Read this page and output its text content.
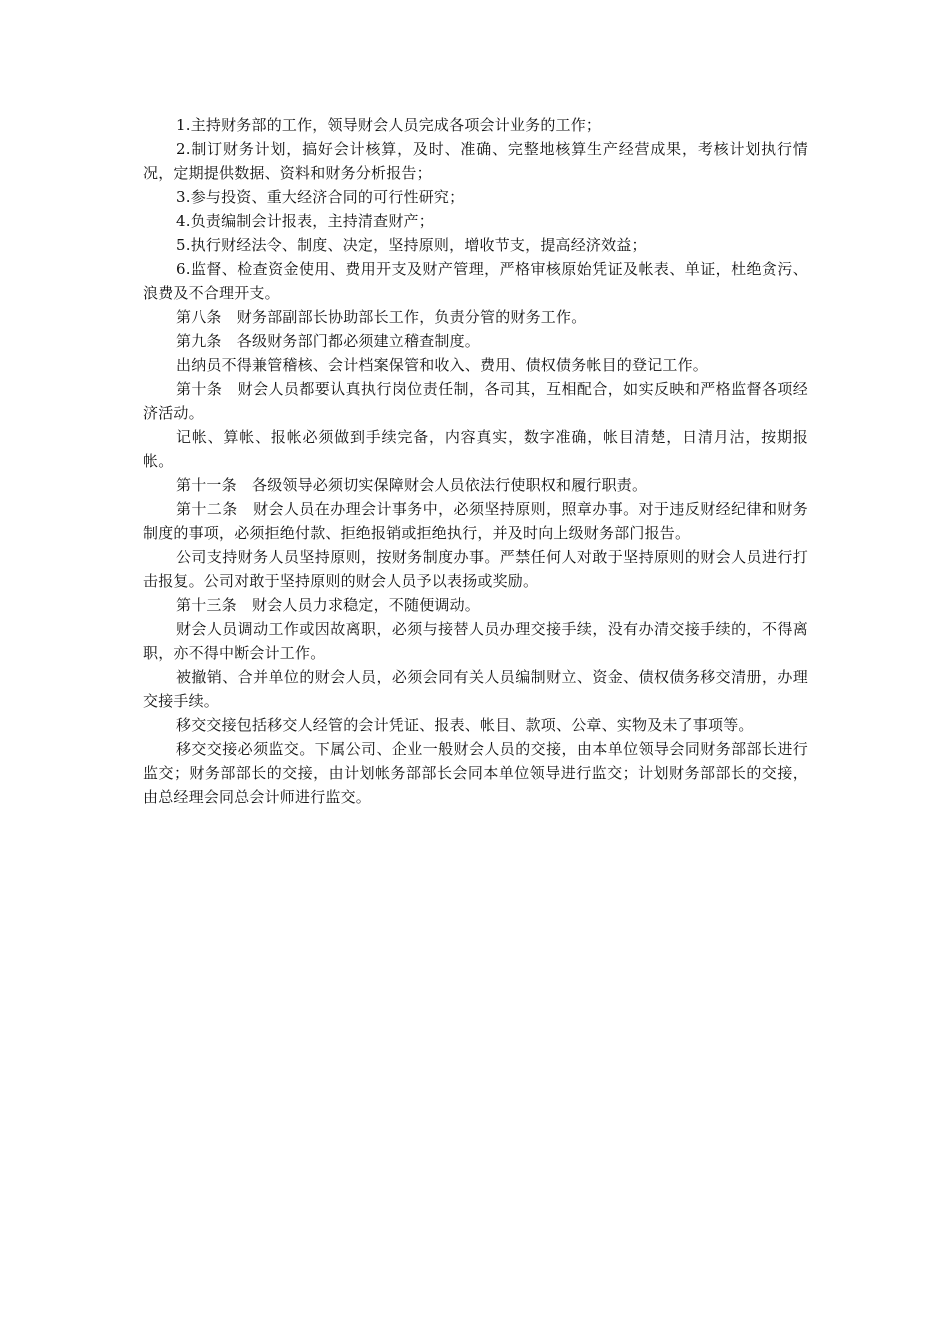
1.主持财务部的工作，领导财会人员完成各项会计业务的工作；

2.制订财务计划，搞好会计核算，及时、准确、完整地核算生产经营成果，考核计划执行情况，定期提供数据、资料和财务分析报告；

3.参与投资、重大经济合同的可行性研究；

4.负责编制会计报表，主持清查财产；

5.执行财经法令、制度、决定，坚持原则，增收节支，提高经济效益；

6.监督、检查资金使用、费用开支及财产管理，严格审核原始凭证及帐表、单证，杜绝贪污、浪费及不合理开支。

第八条　财务部副部长协助部长工作，负责分管的财务工作。

第九条　各级财务部门都必须建立稽查制度。

出纳员不得兼管稽核、会计档案保管和收入、费用、债权债务帐目的登记工作。

第十条　财会人员都要认真执行岗位责任制，各司其，互相配合，如实反映和严格监督各项经济活动。

记帐、算帐、报帐必须做到手续完备，内容真实，数字准确，帐目清楚，日清月沽，按期报帐。

第十一条　各级领导必须切实保障财会人员依法行使职权和履行职责。

第十二条　财会人员在办理会计事务中，必须坚持原则，照章办事。对于违反财经纪律和财务制度的事项，必须拒绝付款、拒绝报销或拒绝执行，并及时向上级财务部门报告。

公司支持财务人员坚持原则，按财务制度办事。严禁任何人对敢于坚持原则的财会人员进行打击报复。公司对敢于坚持原则的财会人员予以表扬或奖励。

第十三条　财会人员力求稳定，不随便调动。

财会人员调动工作或因故离职，必须与接替人员办理交接手续，没有办清交接手续的，不得离职，亦不得中断会计工作。

被撤销、合并单位的财会人员，必须会同有关人员编制财立、资金、债权债务移交清册，办理交接手续。

移交交接包括移交人经管的会计凭证、报表、帐目、款项、公章、实物及未了事项等。

移交交接必须监交。下属公司、企业一般财会人员的交接，由本单位领导会同财务部部长进行监交；财务部部长的交接，由计划帐务部部长会同本单位领导进行监交；计划财务部部长的交接，由总经理会同总会计师进行监交。
